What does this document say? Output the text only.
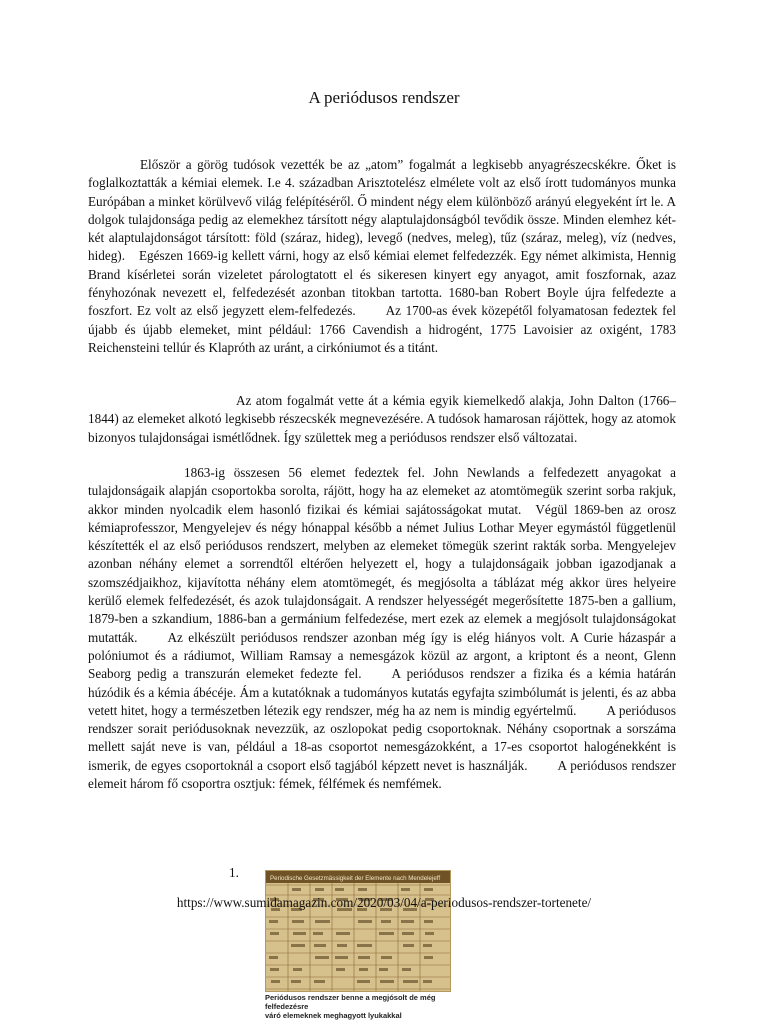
A periódusos rendszer

Először a görög tudósok vezették be az „atom” fogalmát a legkisebb anyagrészecskékre. Őket is foglalkoztatták a kémiai elemek. I.e 4. században Arisztotelész elmélete volt az első írott tudományos munka Európában a minket körülvevő világ felépítéséről. Ő mindent négy elem különböző arányú elegyeként írt le. A dolgok tulajdonsága pedig az elemekhez társított négy alaptulajdonságból tevődik össze. Minden elemhez két-két alaptulajdonságot társított: föld (száraz, hideg), levegő (nedves, meleg), tűz (száraz, meleg), víz (nedves, hideg). Egészen 1669-ig kellett várni, hogy az első kémiai elemet felfedezzék. Egy német alkimista, Hennig Brand kísérletei során vizeletet párologtatott el és sikeresen kinyert egy anyagot, amit foszfornak, azaz fényhozónak nevezett el, felfedezését azonban titokban tartotta. 1680-ban Robert Boyle újra felfedezte a foszfort. Ez volt az első jegyzett elem-felfedezés. Az 1700-as évek közepétől folyamatosan fedeztek fel újabb és újabb elemeket, mint például: 1766 Cavendish a hidrogént, 1775 Lavoisier az oxigént, 1783 Reichensteini tellúr és Klapróth az uránt, a cirkóniumot és a titánt.

Az atom fogalmát vette át a kémia egyik kiemelkedő alakja, John Dalton (1766–1844) az elemeket alkotó legkisebb részecskék megnevezésére. A tudósok hamarosan rájöttek, hogy az atomok bizonyos tulajdonságai ismétlődnek. Így születtek meg a periódusos rendszer első változatai.

1863-ig összesen 56 elemet fedeztek fel. John Newlands a felfedezett anyagokat a tulajdonságaik alapján csoportokba sorolta, rájött, hogy ha az elemeket az atomtömegük szerint sorba rakjuk, akkor minden nyolcadik elem hasonló fizikai és kémiai sajátosságokat mutat. Végül 1869-ben az orosz kémiaprofesszor, Mengyelejev és négy hónappal később a német Julius Lothar Meyer egymástól függetlenül készítették el az első periódusos rendszert, melyben az elemeket tömegük szerint rakták sorba. Mengyelejev azonban néhány elemet a sorrendtől eltérően helyezett el, hogy a tulajdonságaik jobban igazodjanak a szomszédjaikhoz, kijavította néhány elem atomtömegét, és megjósolta a táblázat még akkor üres helyeire kerülő elemek felfedezését, és azok tulajdonságait. A rendszer helyességét megerősítette 1875-ben a gallium, 1879-ben a szkandium, 1886-ban a germánium felfedezése, mert ezek az elemek a megjósolt tulajdonságokat mutatták. Az elkészült periódusos rendszer azonban még így is elég hiányos volt. A Curie házaspár a polóniumot és a rádiumot, William Ramsay a nemesgázok közül az argont, a kriptont és a neont, Glenn Seaborg pedig a transzurán elemeket fedezte fel. A periódusos rendszer a fizika és a kémia határán húzódik és a kémia ábécéje. Ám a kutatóknak a tudományos kutatás egyfajta szimbólumát is jelenti, és az abba vetett hitet, hogy a természetben létezik egy rendszer, még ha az nem is mindig egyértelmű. A periódusos rendszer sorait periódusoknak nevezzük, az oszlopokat pedig csoportoknak. Néhány csoportnak a sorszáma mellett saját neve is van, például a 18-as csoportot nemesgázokként, a 17-es csoportot halogénekként is ismerik, de egyes csoportoknál a csoport első tagjából képzett nevet is használják. A periódusos rendszer elemeit három fő csoportra osztjuk: fémek, félfémek és nemfémek.

1.	Periodische Gesetzmässigkeit der Elemente nach Mendelejeff
https://www.sumidamagazin.com/2020/03/04/a-periodusos-rendszer-tortenete/
Periódusos rendszer benne a megjósolt de még felfedezésre
váró elemeknek meghagyott lyukakkal
